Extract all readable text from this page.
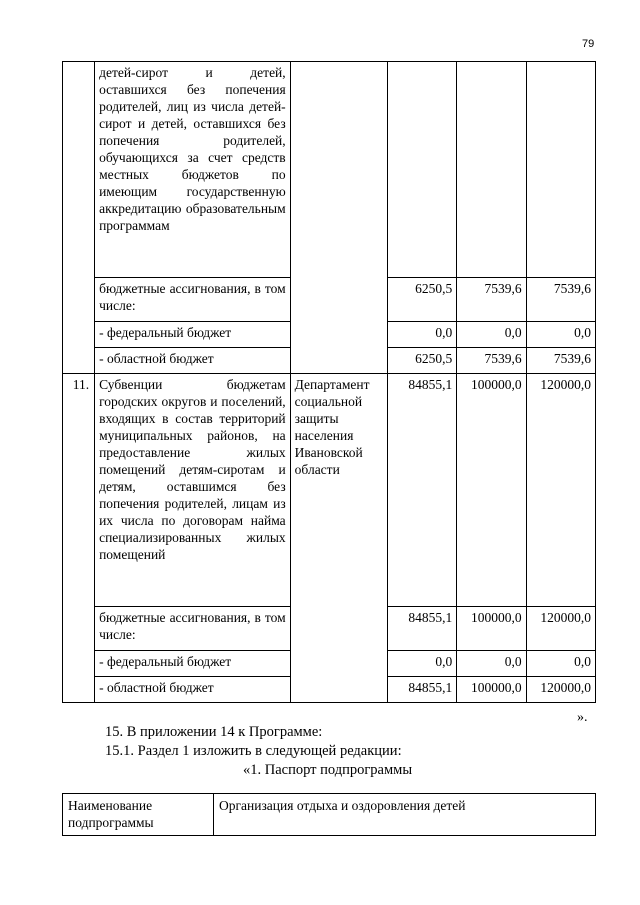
79
	детей-сирот и детей, оставшихся без попечения родителей, лиц из числа детей-сирот и детей, оставшихся без попечения родителей, обучающихся за счет средств местных бюджетов по имеющим государственную аккредитацию образовательным программам				
	бюджетные ассигнования, в том числе:		6250,5	7539,6	7539,6
	- федеральный бюджет		0,0	0,0	0,0
	- областной бюджет		6250,5	7539,6	7539,6
11.	Субвенции бюджетам городских округов и поселений, входящих в состав территорий муниципальных районов, на предоставление жилых помещений детям-сиротам и детям, оставшимся без попечения родителей, лицам из их числа по договорам найма специализированных жилых помещений	Департамент социальной защиты населения Ивановской области	84855,1	100000,0	120000,0
	бюджетные ассигнования, в том числе:		84855,1	100000,0	120000,0
	- федеральный бюджет		0,0	0,0	0,0
	- областной бюджет		84855,1	100000,0	120000,0
».
15. В приложении 14 к Программе:
15.1. Раздел 1 изложить в следующей редакции:
«1. Паспорт подпрограммы
Наименование подпрограммы	Организация отдыха и оздоровления детей
